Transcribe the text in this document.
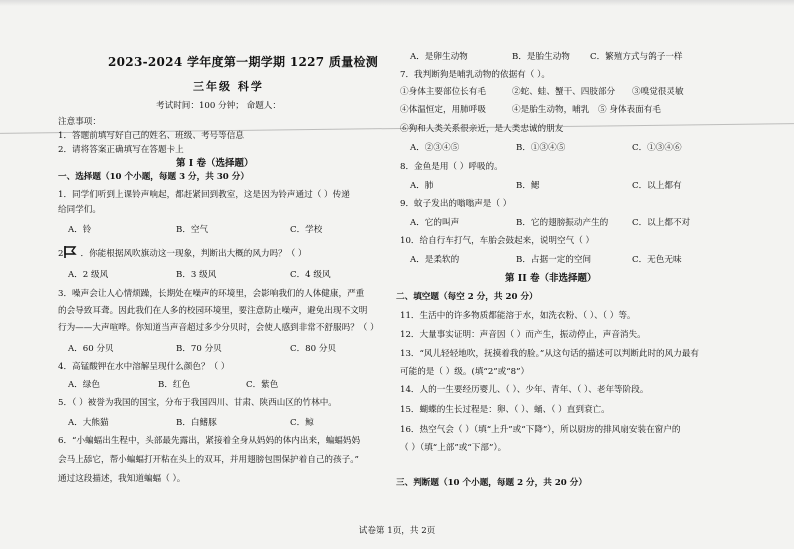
2023-2024 学年度第一期学期 1227 质量检测
三年级 科学
考试时间：100 分钟； 命题人：
注意事项：
1．答题前填写好自己的姓名、班级、考号等信息
2．请将答案正确填写在答题卡上
第 I 卷（选择题）
一、选择题（10 个小题，每题 3 分，共 30 分）
1．同学们听到上课铃声响起，都赶紧回到教室，这是因为铃声通过（ ）传递
给同学们。
A．铃	B．空气	C．学校
2 ．你能根据风吹旗动这一现象，判断出大概的风力吗？（ ）
A．2 级风	B．3 级风	C．4 级风
3．噪声会让人心情烦躁，长期处在噪声的环境里，会影响我们的人体健康，严重
的会导致耳聋。因此我们在人多的校园环境里，要注意防止噪声，避免出现不文明
行为——大声喧哗。你知道当声音超过多少分贝时，会使人感到非常不舒服吗？（ ）
A．60 分贝	B．70 分贝	C．80 分贝
4．高锰酸钾在水中溶解呈现什么颜色？（ ）
A．绿色	B．红色	C．紫色
5．（ ）被誉为我国的国宝，分布于我国四川、甘肃、陕西山区的竹林中。
A．大熊猫	B．白鳍豚	C．鲸
6．“小蝙蝠出生程中，头部最先露出，紧接着全身从妈妈的体内出来，蝙蝠妈妈
会马上舔它，帮小蝙蝠打开粘在头上的双耳，并用翅膀包围保护着自己的孩子。”
通过这段描述，我知道蝙蝠（ ）。
A．是卵生动物	B．是胎生动物 C．繁殖方式与鸽子一样
7．我判断狗是哺乳动物的依据有（ ）。
①身体主要部位长有毛	②蛇、蛙、蟹干、四肢部分 ③嗅觉很灵敏
④体温恒定，用肺呼吸	④是胎生动物，哺乳 ⑤ 身体表面有毛
⑥狗和人类关系很亲近，是人类忠诚的朋友
A．②③④⑤	B．①③④⑤	C．①③④⑥
8．金鱼是用（ ）呼吸的。
A．肺	B．鳃	C．以上都有
9．蚊子发出的嗡嗡声是（ ）
A．它的叫声	B．它的翅膀振动产生的	C．以上都不对
10．给自行车打气，车胎会鼓起来，说明空气（ ）
A．是柔软的	B．占据一定的空间	C．无色无味
第 II 卷（非选择题）
二、填空题（每空 2 分，共 20 分）
11．生活中的许多物质都能溶于水，如洗衣粉、（ ）、（ ）等。
12．大量事实证明：声音因（ ）而产生，振动停止，声音消失。
13．“风儿轻轻地吹，抚摸着我的脸。”从这句话的描述可以判断此时的风力最有
可能的是（ ）级。(填“2”或“8”）
14．人的一生要经历婴儿、（ ）、少年、青年、（ ）、老年等阶段。
15．蝴蝶的生长过程是：卵、（ ）、蛹、（ ）直到衰亡。
16．热空气会（ ）（填“上升”或“下降”），所以厨房的排风扇安装在窗户的
（ ）（填“上部”或“下部”）。
三、判断题（10 个小题，每题 2 分，共 20 分）
试卷第 1页，共 2页
